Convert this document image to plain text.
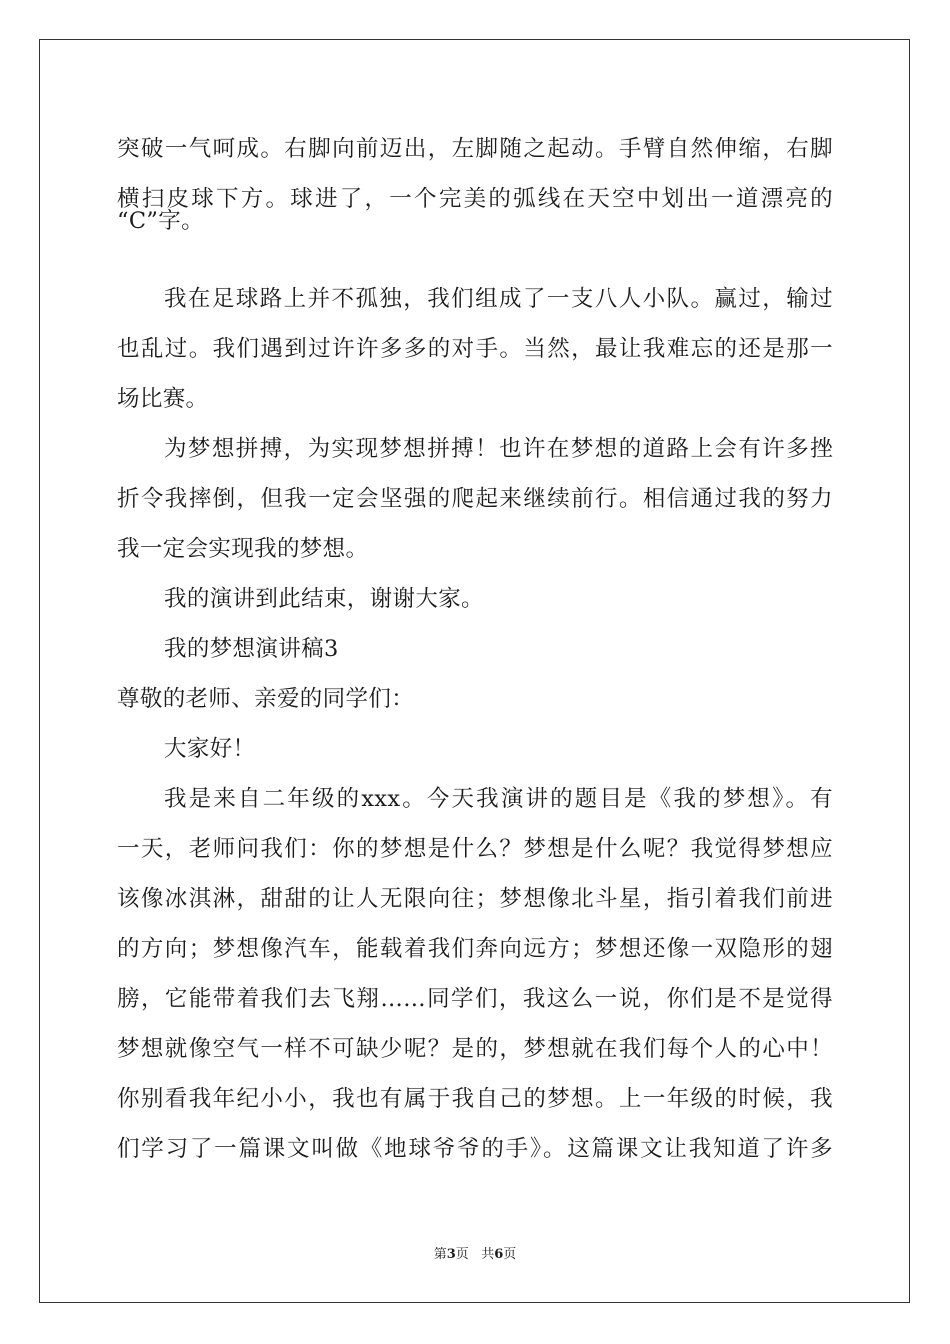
突破一气呵成。右脚向前迈出，左脚随之起动。手臂自然伸缩，右脚
横扫皮球下方。球进了，一个完美的弧线在天空中划出一道漂亮的
“C”字。
我在足球路上并不孤独，我们组成了一支八人小队。赢过，输过
也乱过。我们遇到过许许多多的对手。当然，最让我难忘的还是那一
场比赛。
为梦想拼搏，为实现梦想拼搏！也许在梦想的道路上会有许多挫
折令我摔倒，但我一定会坚强的爬起来继续前行。相信通过我的努力
我一定会实现我的梦想。
我的演讲到此结束，谢谢大家。
我的梦想演讲稿3
尊敬的老师、亲爱的同学们：
大家好！
我是来自二年级的xxx。今天我演讲的题目是《我的梦想》。有
一天，老师问我们：你的梦想是什么？梦想是什么呢？我觉得梦想应
该像冰淇淋，甜甜的让人无限向往；梦想像北斗星，指引着我们前进
的方向；梦想像汽车，能载着我们奔向远方；梦想还像一双隐形的翅
膀，它能带着我们去飞翔……同学们，我这么一说，你们是不是觉得
梦想就像空气一样不可缺少呢？是的，梦想就在我们每个人的心中！
你别看我年纪小小，我也有属于我自己的梦想。上一年级的时候，我
们学习了一篇课文叫做《地球爷爷的手》。这篇课文让我知道了许多
第3页 共6页
